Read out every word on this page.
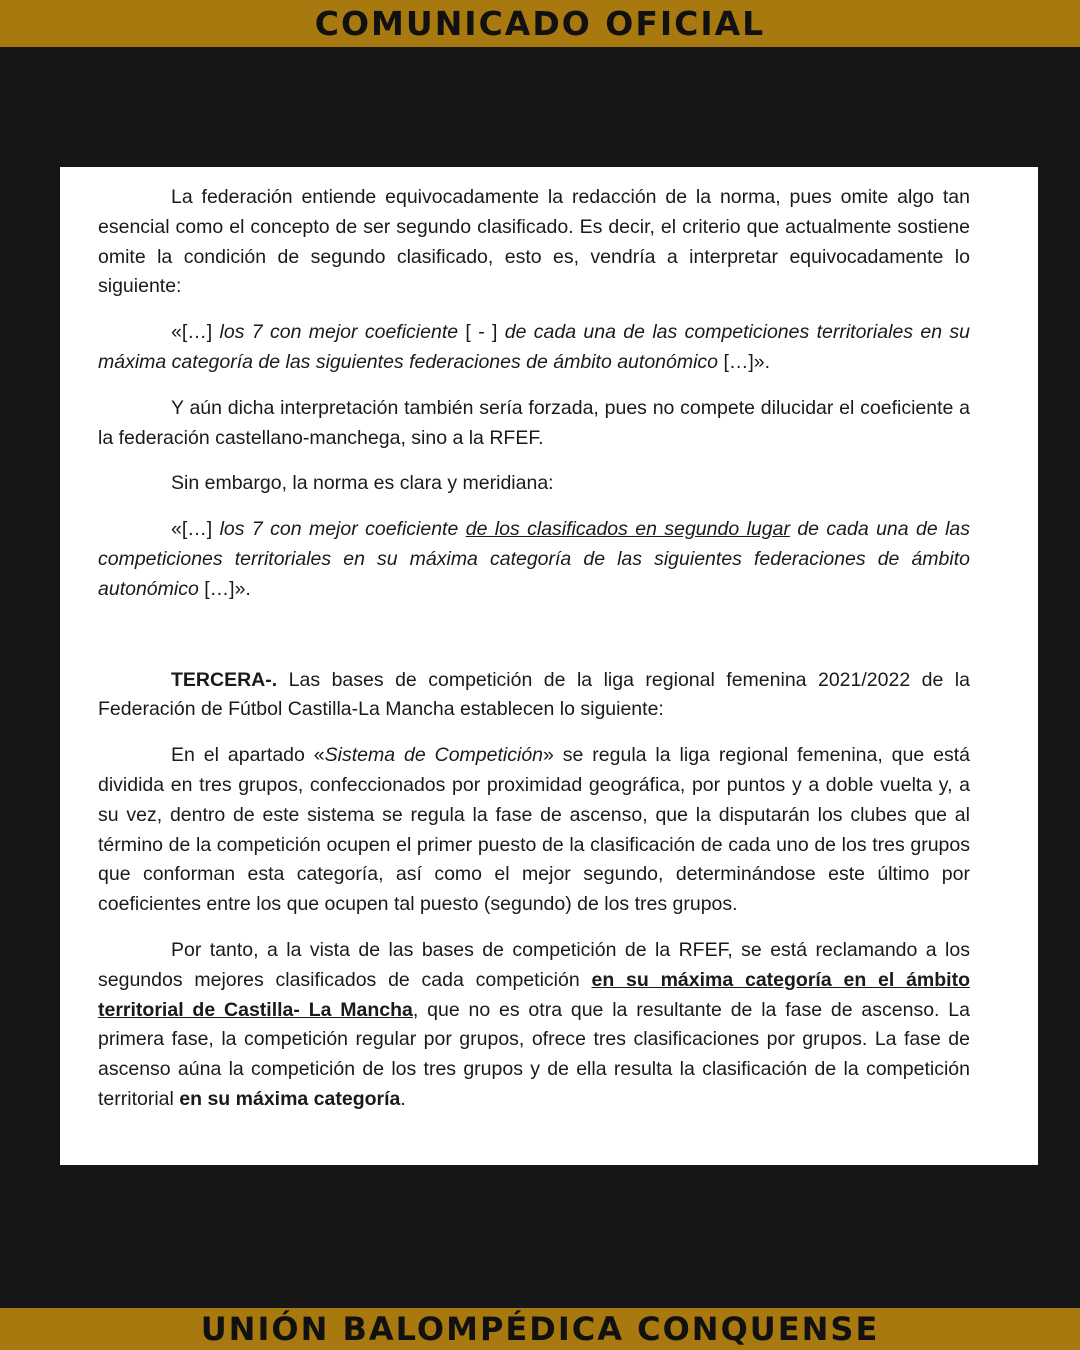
COMUNICADO OFICIAL

La federación entiende equivocadamente la redacción de la norma, pues omite algo tan esencial como el concepto de ser segundo clasificado. Es decir, el criterio que actualmente sostiene omite la condición de segundo clasificado, esto es, vendría a interpretar equivocadamente lo siguiente:

«[…] los 7 con mejor coeficiente [ - ] de cada una de las competiciones territoriales en su máxima categoría de las siguientes federaciones de ámbito autonómico […]».

Y aún dicha interpretación también sería forzada, pues no compete dilucidar el coeficiente a la federación castellano-manchega, sino a la RFEF.

Sin embargo, la norma es clara y meridiana:

«[…] los 7 con mejor coeficiente de los clasificados en segundo lugar de cada una de las competiciones territoriales en su máxima categoría de las siguientes federaciones de ámbito autonómico […]».

TERCERA-. Las bases de competición de la liga regional femenina 2021/2022 de la Federación de Fútbol Castilla-La Mancha establecen lo siguiente:

En el apartado «Sistema de Competición» se regula la liga regional femenina, que está dividida en tres grupos, confeccionados por proximidad geográfica, por puntos y a doble vuelta y, a su vez, dentro de este sistema se regula la fase de ascenso, que la disputarán los clubes que al término de la competición ocupen el primer puesto de la clasificación de cada uno de los tres grupos que conforman esta categoría, así como el mejor segundo, determinándose este último por coeficientes entre los que ocupen tal puesto (segundo) de los tres grupos.

Por tanto, a la vista de las bases de competición de la RFEF, se está reclamando a los segundos mejores clasificados de cada competición en su máxima categoría en el ámbito territorial de Castilla- La Mancha, que no es otra que la resultante de la fase de ascenso. La primera fase, la competición regular por grupos, ofrece tres clasificaciones por grupos. La fase de ascenso aúna la competición de los tres grupos y de ella resulta la clasificación de la competición territorial en su máxima categoría.

UNIÓN BALOMPÉDICA CONQUENSE
